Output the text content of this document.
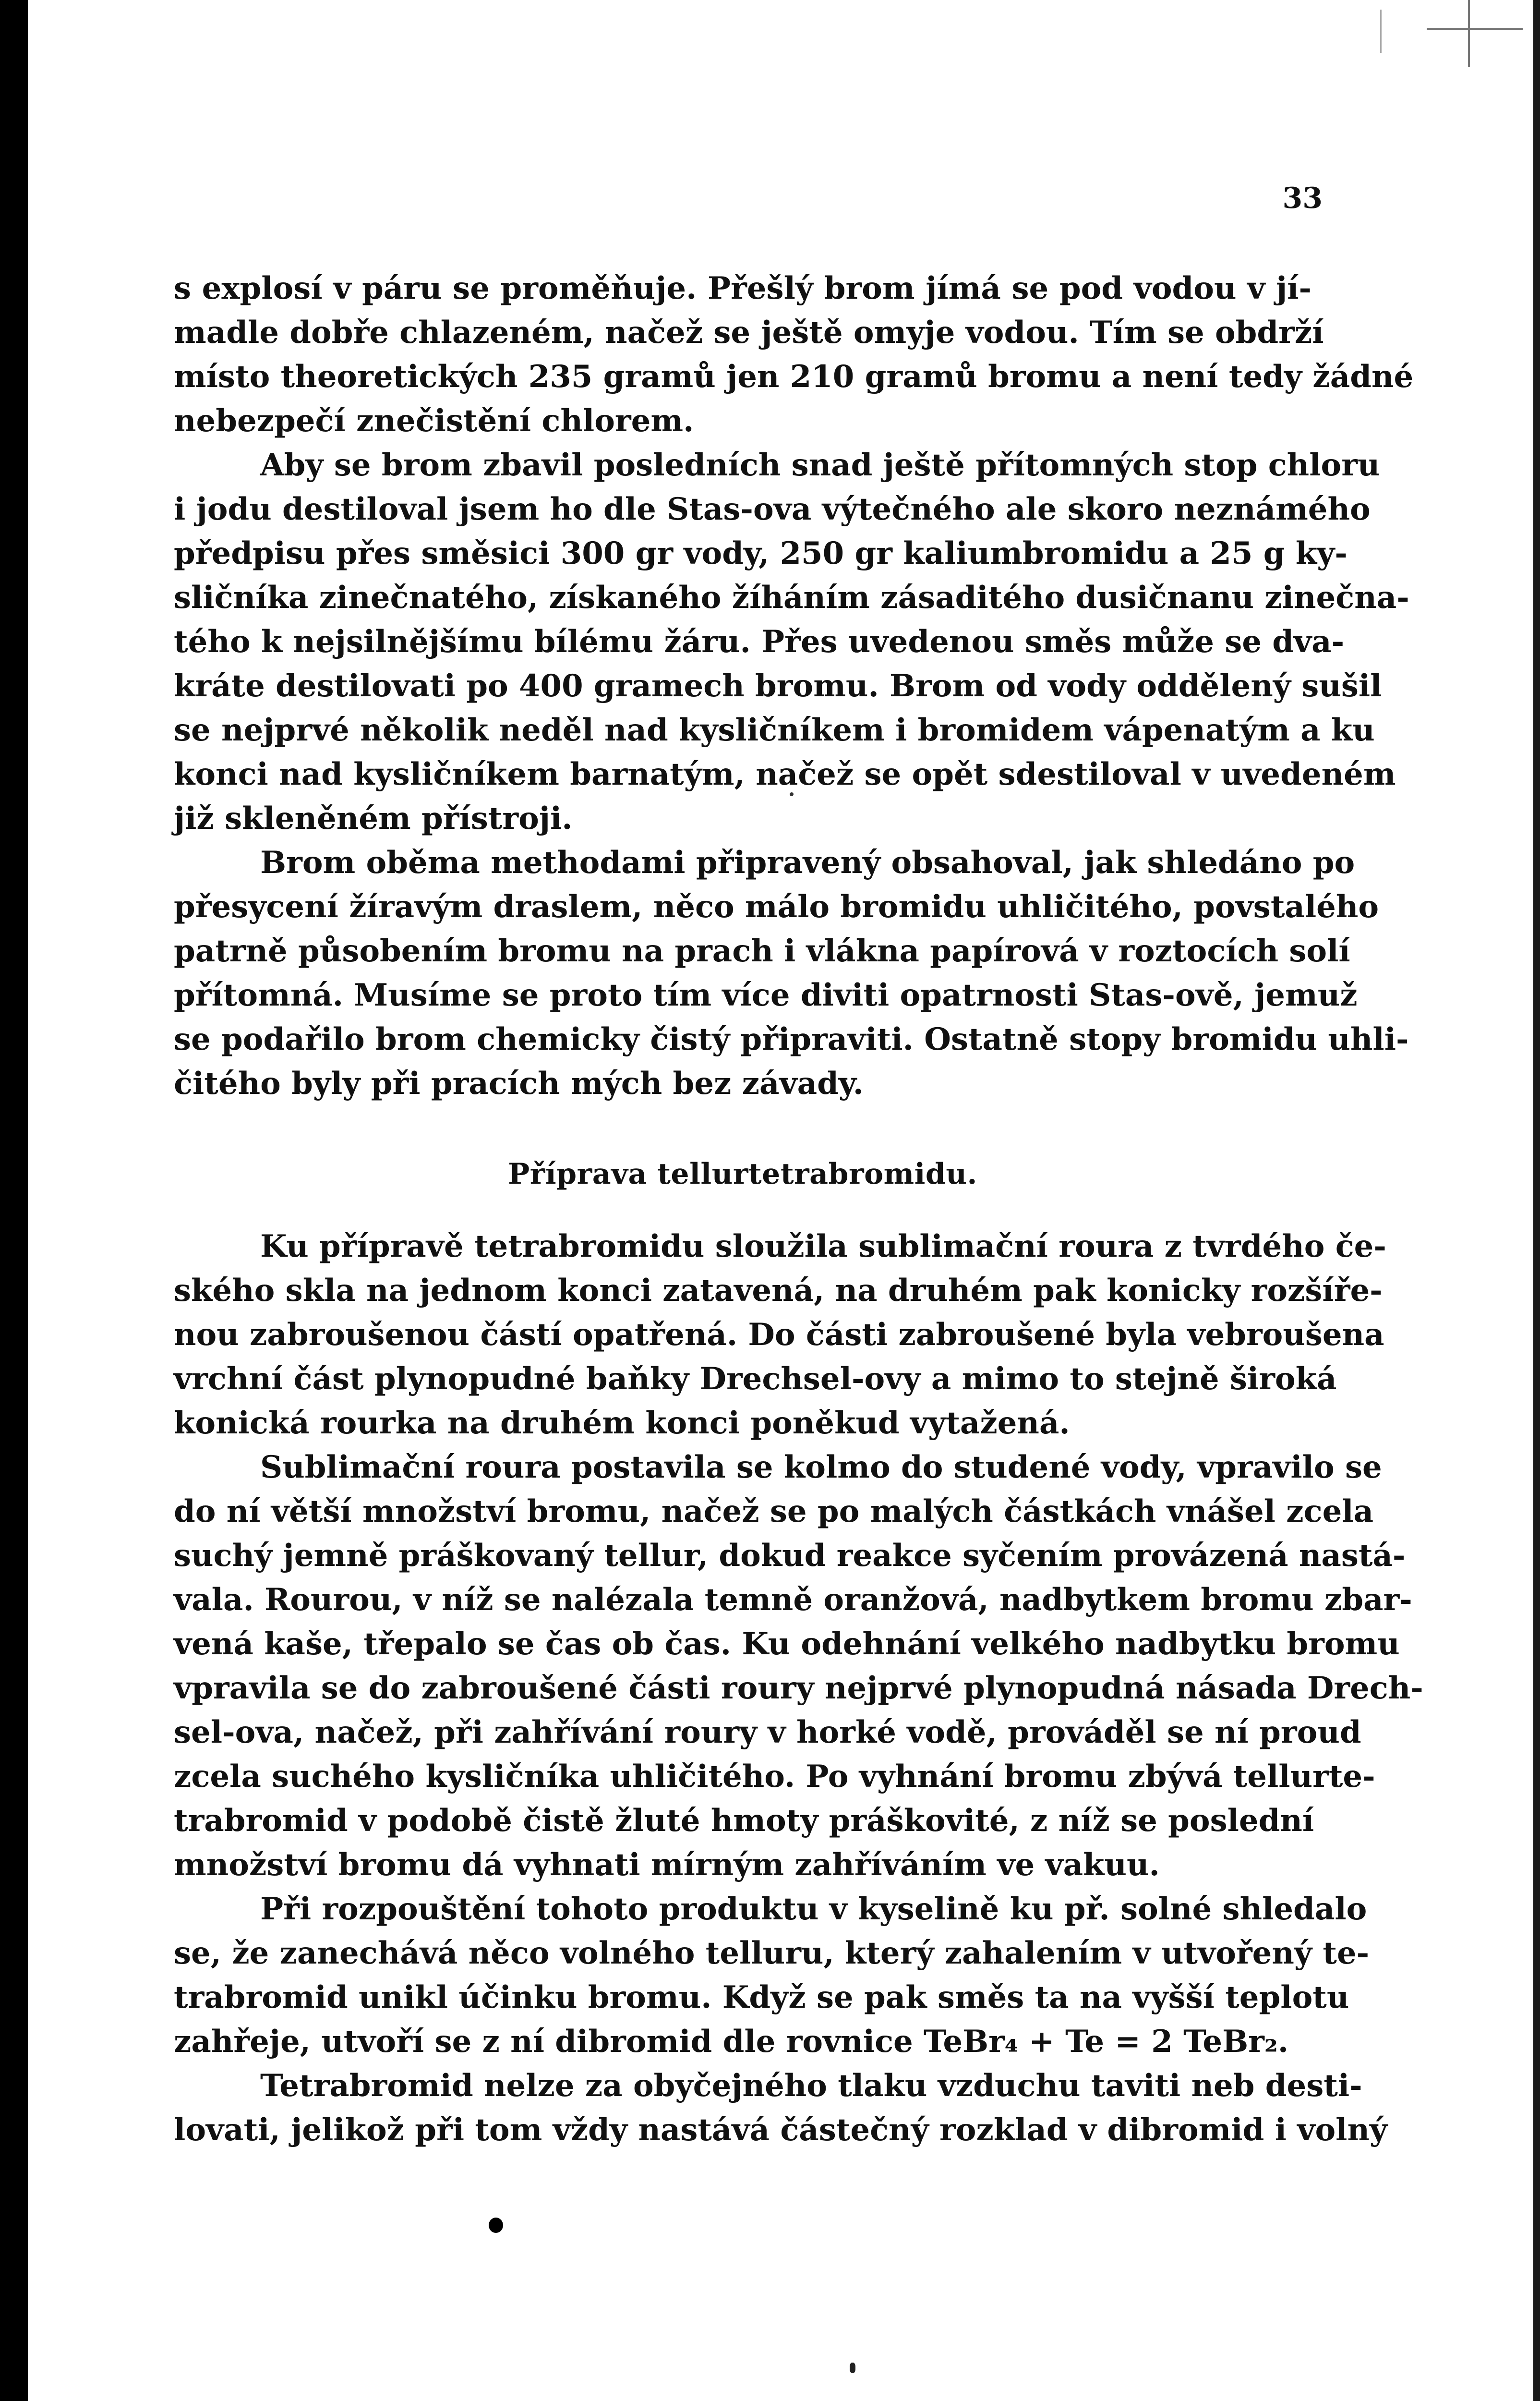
33
s explosí v páru se proměňuje. Přešlý brom jímá se pod vodou v jí-
madle dobře chlazeném, načež se ještě omyje vodou. Tím se obdrží
místo theoretických 235 gramů jen 210 gramů bromu a není tedy žádné
nebezpečí znečistění chlorem.
Aby se brom zbavil posledních snad ještě přítomných stop chloru
i jodu destiloval jsem ho dle Stas-ova výtečného ale skoro neznámého
předpisu přes směsici 300 gr vody, 250 gr kaliumbromidu a 25 g ky-
sličníka zinečnatého, získaného žíháním zásaditého dusičnanu zinečna-
tého k nejsilnějšímu bílému žáru. Přes uvedenou směs může se dva-
kráte destilovati po 400 gramech bromu. Brom od vody oddělený sušil
se nejprvé několik neděl nad kysličníkem i bromidem vápenatým a ku
konci nad kysličníkem barnatým, načež se opět sdestiloval v uvedeném
již skleněném přístroji.
Brom oběma methodami připravený obsahoval, jak shledáno po
přesycení žíravým draslem, něco málo bromidu uhličitého, povstalého
patrně působením bromu na prach i vlákna papírová v roztocích solí
přítomná. Musíme se proto tím více diviti opatrnosti Stas-ově, jemuž
se podařilo brom chemicky čistý připraviti. Ostatně stopy bromidu uhli-
čitého byly při pracích mých bez závady.
Příprava tellurtetrabromidu.
Ku přípravě tetrabromidu sloužila sublimační roura z tvrdého če-
ského skla na jednom konci zatavená, na druhém pak konicky rozšíře-
nou zabroušenou částí opatřená. Do části zabroušené byla vebroušena
vrchní část plynopudné baňky Drechsel-ovy a mimo to stejně široká
konická rourka na druhém konci poněkud vytažená.
Sublimační roura postavila se kolmo do studené vody, vpravilo se
do ní větší množství bromu, načež se po malých částkách vnášel zcela
suchý jemně práškovaný tellur, dokud reakce syčením provázená nastá-
vala. Rourou, v níž se nalézala temně oranžová, nadbytkem bromu zbar-
vená kaše, třepalo se čas ob čas. Ku odehnání velkého nadbytku bromu
vpravila se do zabroušené části roury nejprvé plynopudná násada Drech-
sel-ova, načež, při zahřívání roury v horké vodě, prováděl se ní proud
zcela suchého kysličníka uhličitého. Po vyhnání bromu zbývá tellurte-
trabromid v podobě čistě žluté hmoty práškovité, z níž se poslední
množství bromu dá vyhnati mírným zahříváním ve vakuu.
Při rozpouštění tohoto produktu v kyselině ku př. solné shledalo
se, že zanechává něco volného telluru, který zahalením v utvořený te-
trabromid unikl účinku bromu. Když se pak směs ta na vyšší teplotu
zahřeje, utvoří se z ní dibromid dle rovnice TeBr₄ + Te = 2 TeBr₂.
Tetrabromid nelze za obyčejného tlaku vzduchu taviti neb desti-
lovati, jelikož při tom vždy nastává částečný rozklad v dibromid i volný
